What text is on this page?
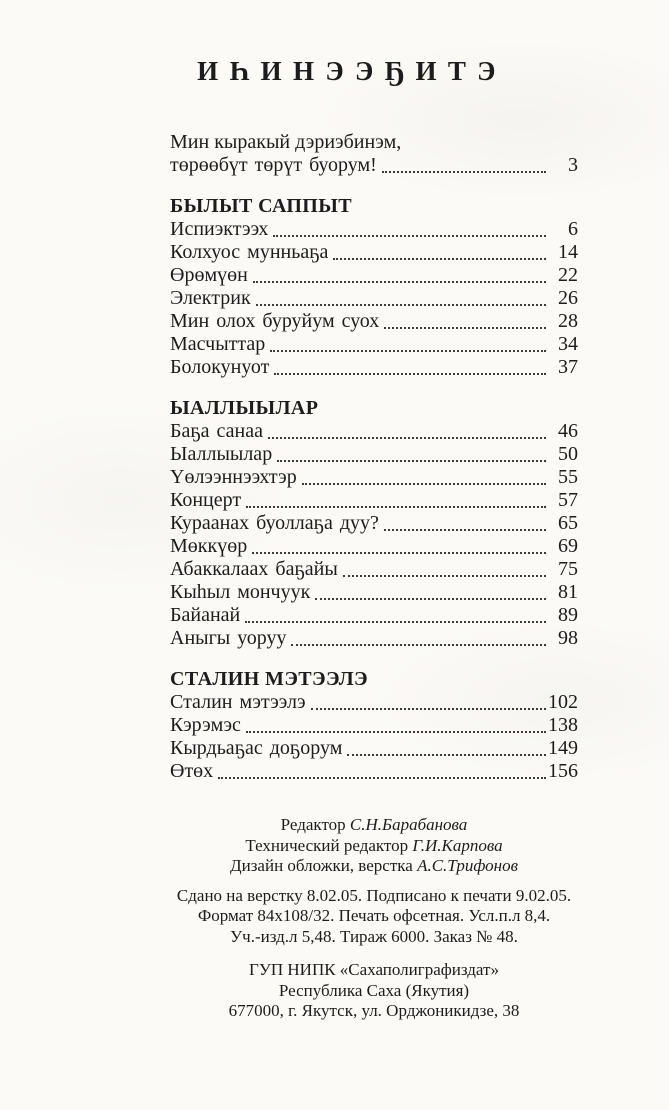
ИҺИНЭЭҔИТЭ
Мин кыракый дэриэбинэм,
төрөөбүт төрүт буорум!	3
БЫЛЫТ САППЫТ
Испиэктээх	6
Колхуос мунньаҕа	14
Өрөмүөн	22
Электрик	26
Мин олох буруйум суох	28
Масчыттар	34
Болокунуот	37
ЫАЛЛЫЫЛАР
Баҕа санаа	46
Ыаллыылар	50
Үөлээннээхтэр	55
Концерт	57
Кураанах буоллаҕа дуу?	65
Мөккүөр	69
Абаккалаах баҕайы	75
Кыһыл мончуук	81
Байанай	89
Аныгы уоруу	98
СТАЛИН МЭТЭЭЛЭ
Сталин мэтээлэ	102
Кэрэмэс	138
Кырдьаҕас доҕорум	149
Өтөх	156
Редактор С.Н.Барабанова
Технический редактор Г.И.Карпова
Дизайн обложки, верстка А.С.Трифонов
Сдано на верстку 8.02.05. Подписано к печати 9.02.05.
Формат 84х108/32. Печать офсетная. Усл.п.л 8,4.
Уч.-изд.л 5,48. Тираж 6000. Заказ № 48.
ГУП НИПК «Сахаполиграфиздат»
Республика Саха (Якутия)
677000, г. Якутск, ул. Орджоникидзе, 38
